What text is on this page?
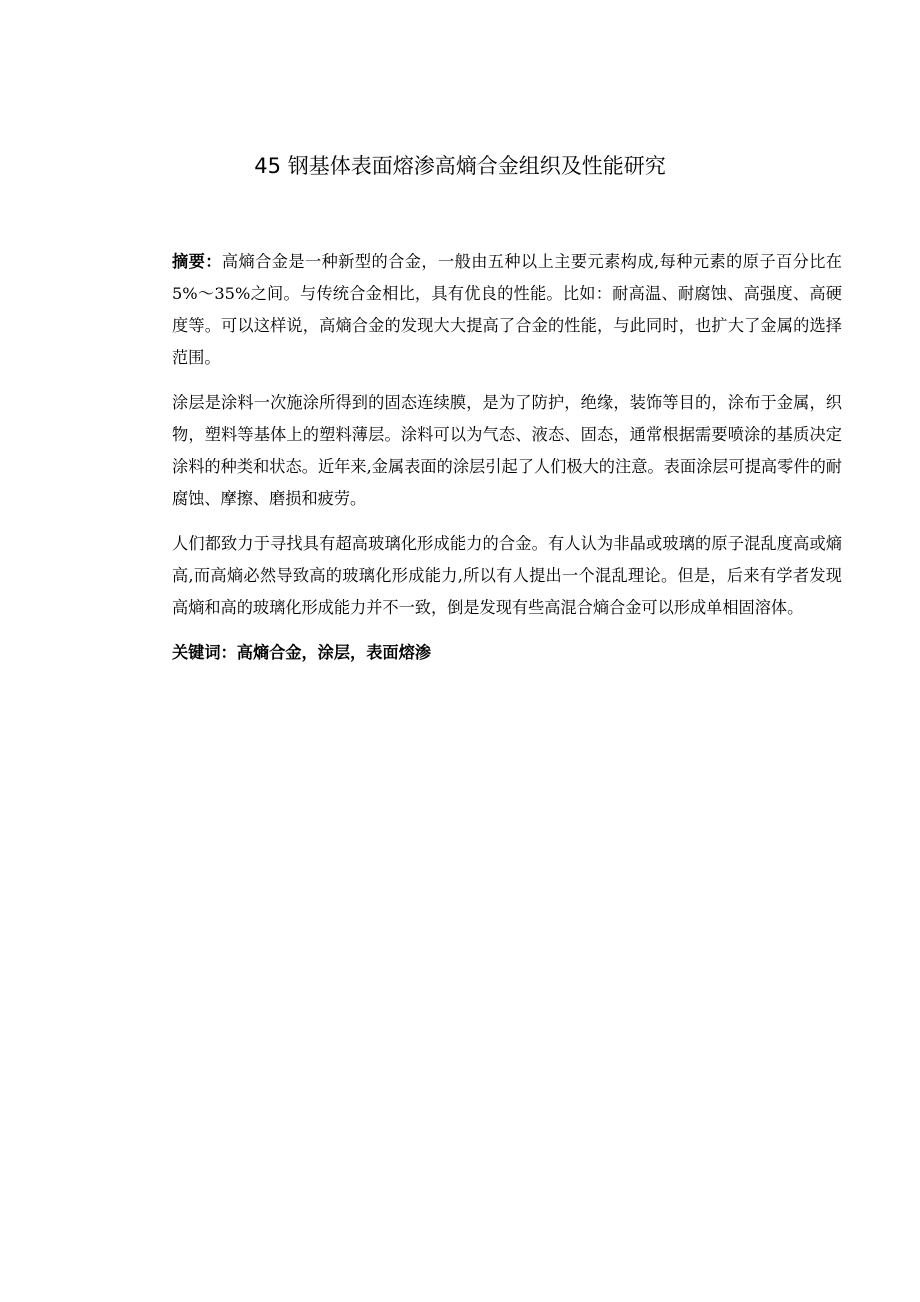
45 钢基体表面熔渗高熵合金组织及性能研究

摘要：高熵合金是一种新型的合金，一般由五种以上主要元素构成,每种元素的原子百分比在5%～35%之间。与传统合金相比，具有优良的性能。比如：耐高温、耐腐蚀、高强度、高硬度等。可以这样说，高熵合金的发现大大提高了合金的性能，与此同时，也扩大了金属的选择范围。

涂层是涂料一次施涂所得到的固态连续膜，是为了防护，绝缘，装饰等目的，涂布于金属，织物，塑料等基体上的塑料薄层。涂料可以为气态、液态、固态，通常根据需要喷涂的基质决定涂料的种类和状态。近年来,金属表面的涂层引起了人们极大的注意。表面涂层可提高零件的耐腐蚀、摩擦、磨损和疲劳。

人们都致力于寻找具有超高玻璃化形成能力的合金。有人认为非晶或玻璃的原子混乱度高或熵高,而高熵必然导致高的玻璃化形成能力,所以有人提出一个混乱理论。但是，后来有学者发现高熵和高的玻璃化形成能力并不一致，倒是发现有些高混合熵合金可以形成单相固溶体。

关键词：高熵合金，涂层，表面熔渗
